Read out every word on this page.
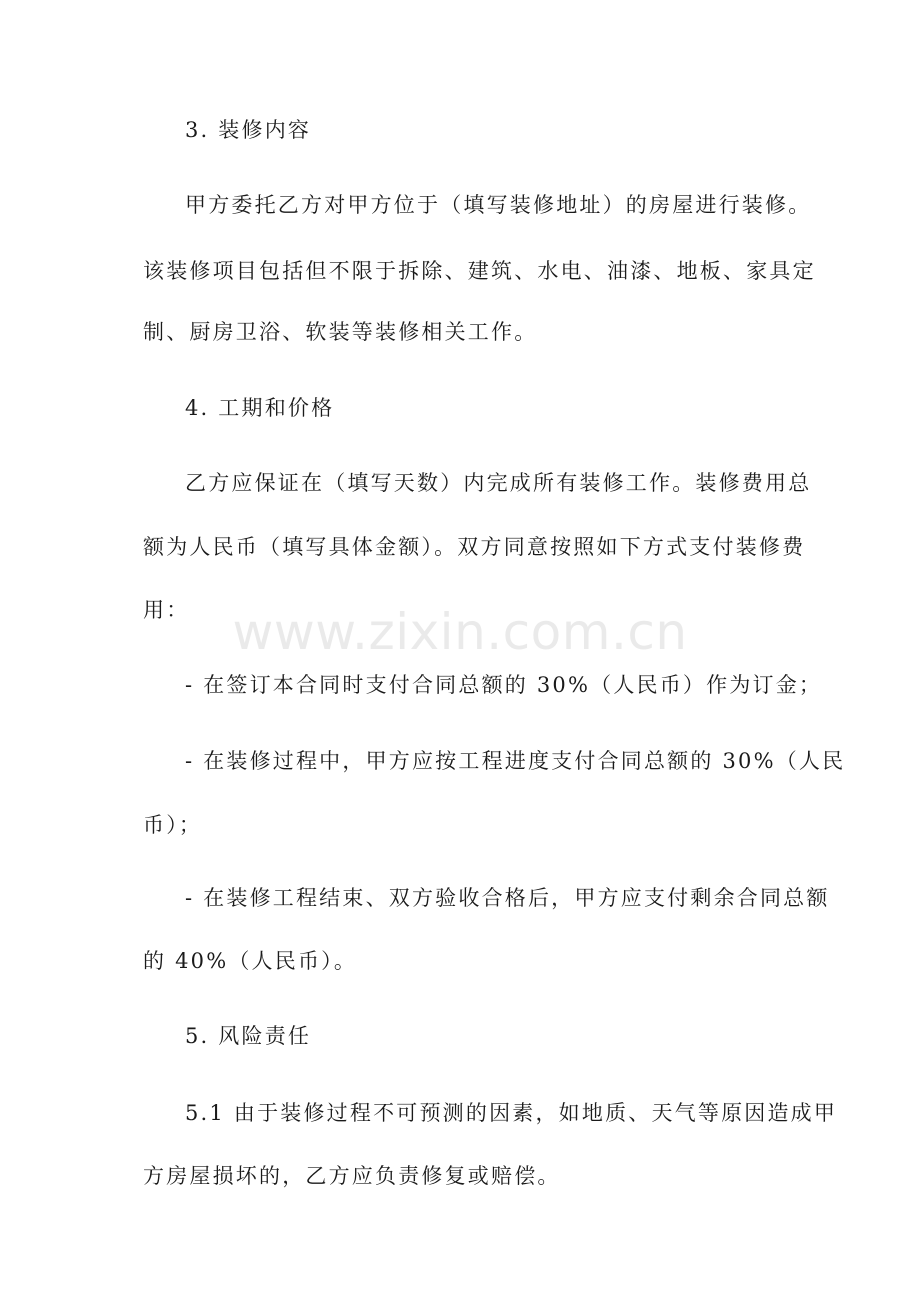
3. 装修内容
甲方委托乙方对甲方位于（填写装修地址）的房屋进行装修。
该装修项目包括但不限于拆除、建筑、水电、油漆、地板、家具定
制、厨房卫浴、软装等装修相关工作。
4. 工期和价格
乙方应保证在（填写天数）内完成所有装修工作。装修费用总
额为人民币（填写具体金额）。双方同意按照如下方式支付装修费
用：
- 在签订本合同时支付合同总额的 30%（人民币）作为订金；
- 在装修过程中，甲方应按工程进度支付合同总额的 30%（人民
币）；
- 在装修工程结束、双方验收合格后，甲方应支付剩余合同总额
的 40%（人民币）。
5. 风险责任
5.1 由于装修过程不可预测的因素，如地质、天气等原因造成甲
方房屋损坏的，乙方应负责修复或赔偿。
www.zixin.com.cn
